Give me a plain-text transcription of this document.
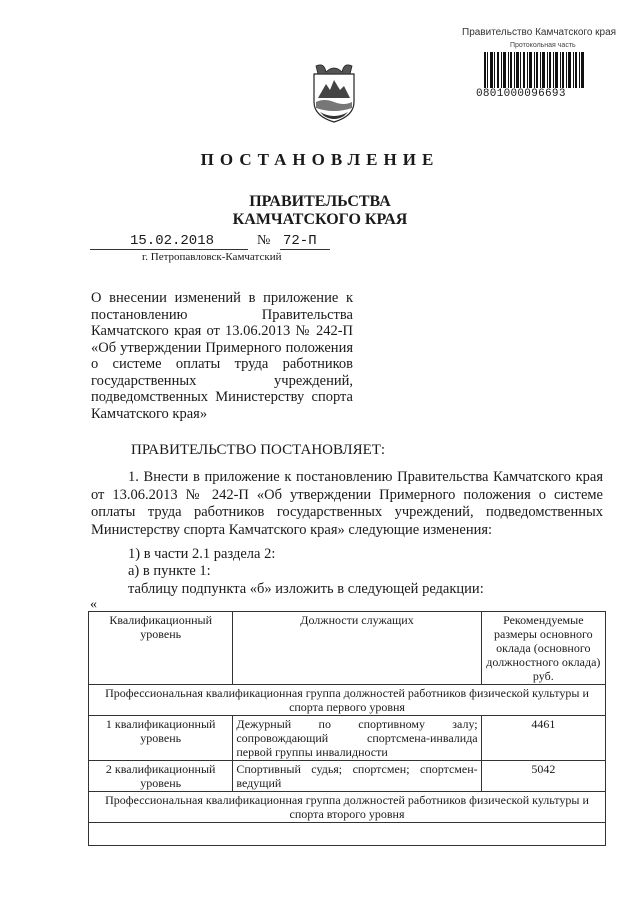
Правительство Камчатского края
Протокольная часть
0801000096693
ПОСТАНОВЛЕНИЕ
ПРАВИТЕЛЬСТВА
КАМЧАТСКОГО КРАЯ
15.02.2018	№ 72-П
г. Петропавловск-Камчатский
О внесении изменений в приложение к постановлению Правительства Камчатского края от 13.06.2013 № 242-П «Об утверждении Примерного положения о системе оплаты труда работников государственных учреждений, подведомственных Министерству спорта Камчатского края»
ПРАВИТЕЛЬСТВО ПОСТАНОВЛЯЕТ:
1. Внести в приложение к постановлению Правительства Камчатского края от 13.06.2013 № 242-П «Об утверждении Примерного положения о системе оплаты труда работников государственных учреждений, подведомственных Министерству спорта Камчатского края» следующие изменения:
1) в части 2.1 раздела 2:
а) в пункте 1:
таблицу подпункта «б» изложить в следующей редакции:
«
Квалификационный уровень	Должности служащих	Рекомендуемые размеры основного оклада (основного должностного оклада) руб.
Профессиональная квалификационная группа должностей работников физической культуры и спорта первого уровня		
1 квалификационный уровень	Дежурный по спортивному залу; сопровождающий спортсмена-инвалида первой группы инвалидности	4461
2 квалификационный уровень	Спортивный судья; спортсмен; спортсмен-ведущий	5042
Профессиональная квалификационная группа должностей работников физической культуры и спорта второго уровня		
